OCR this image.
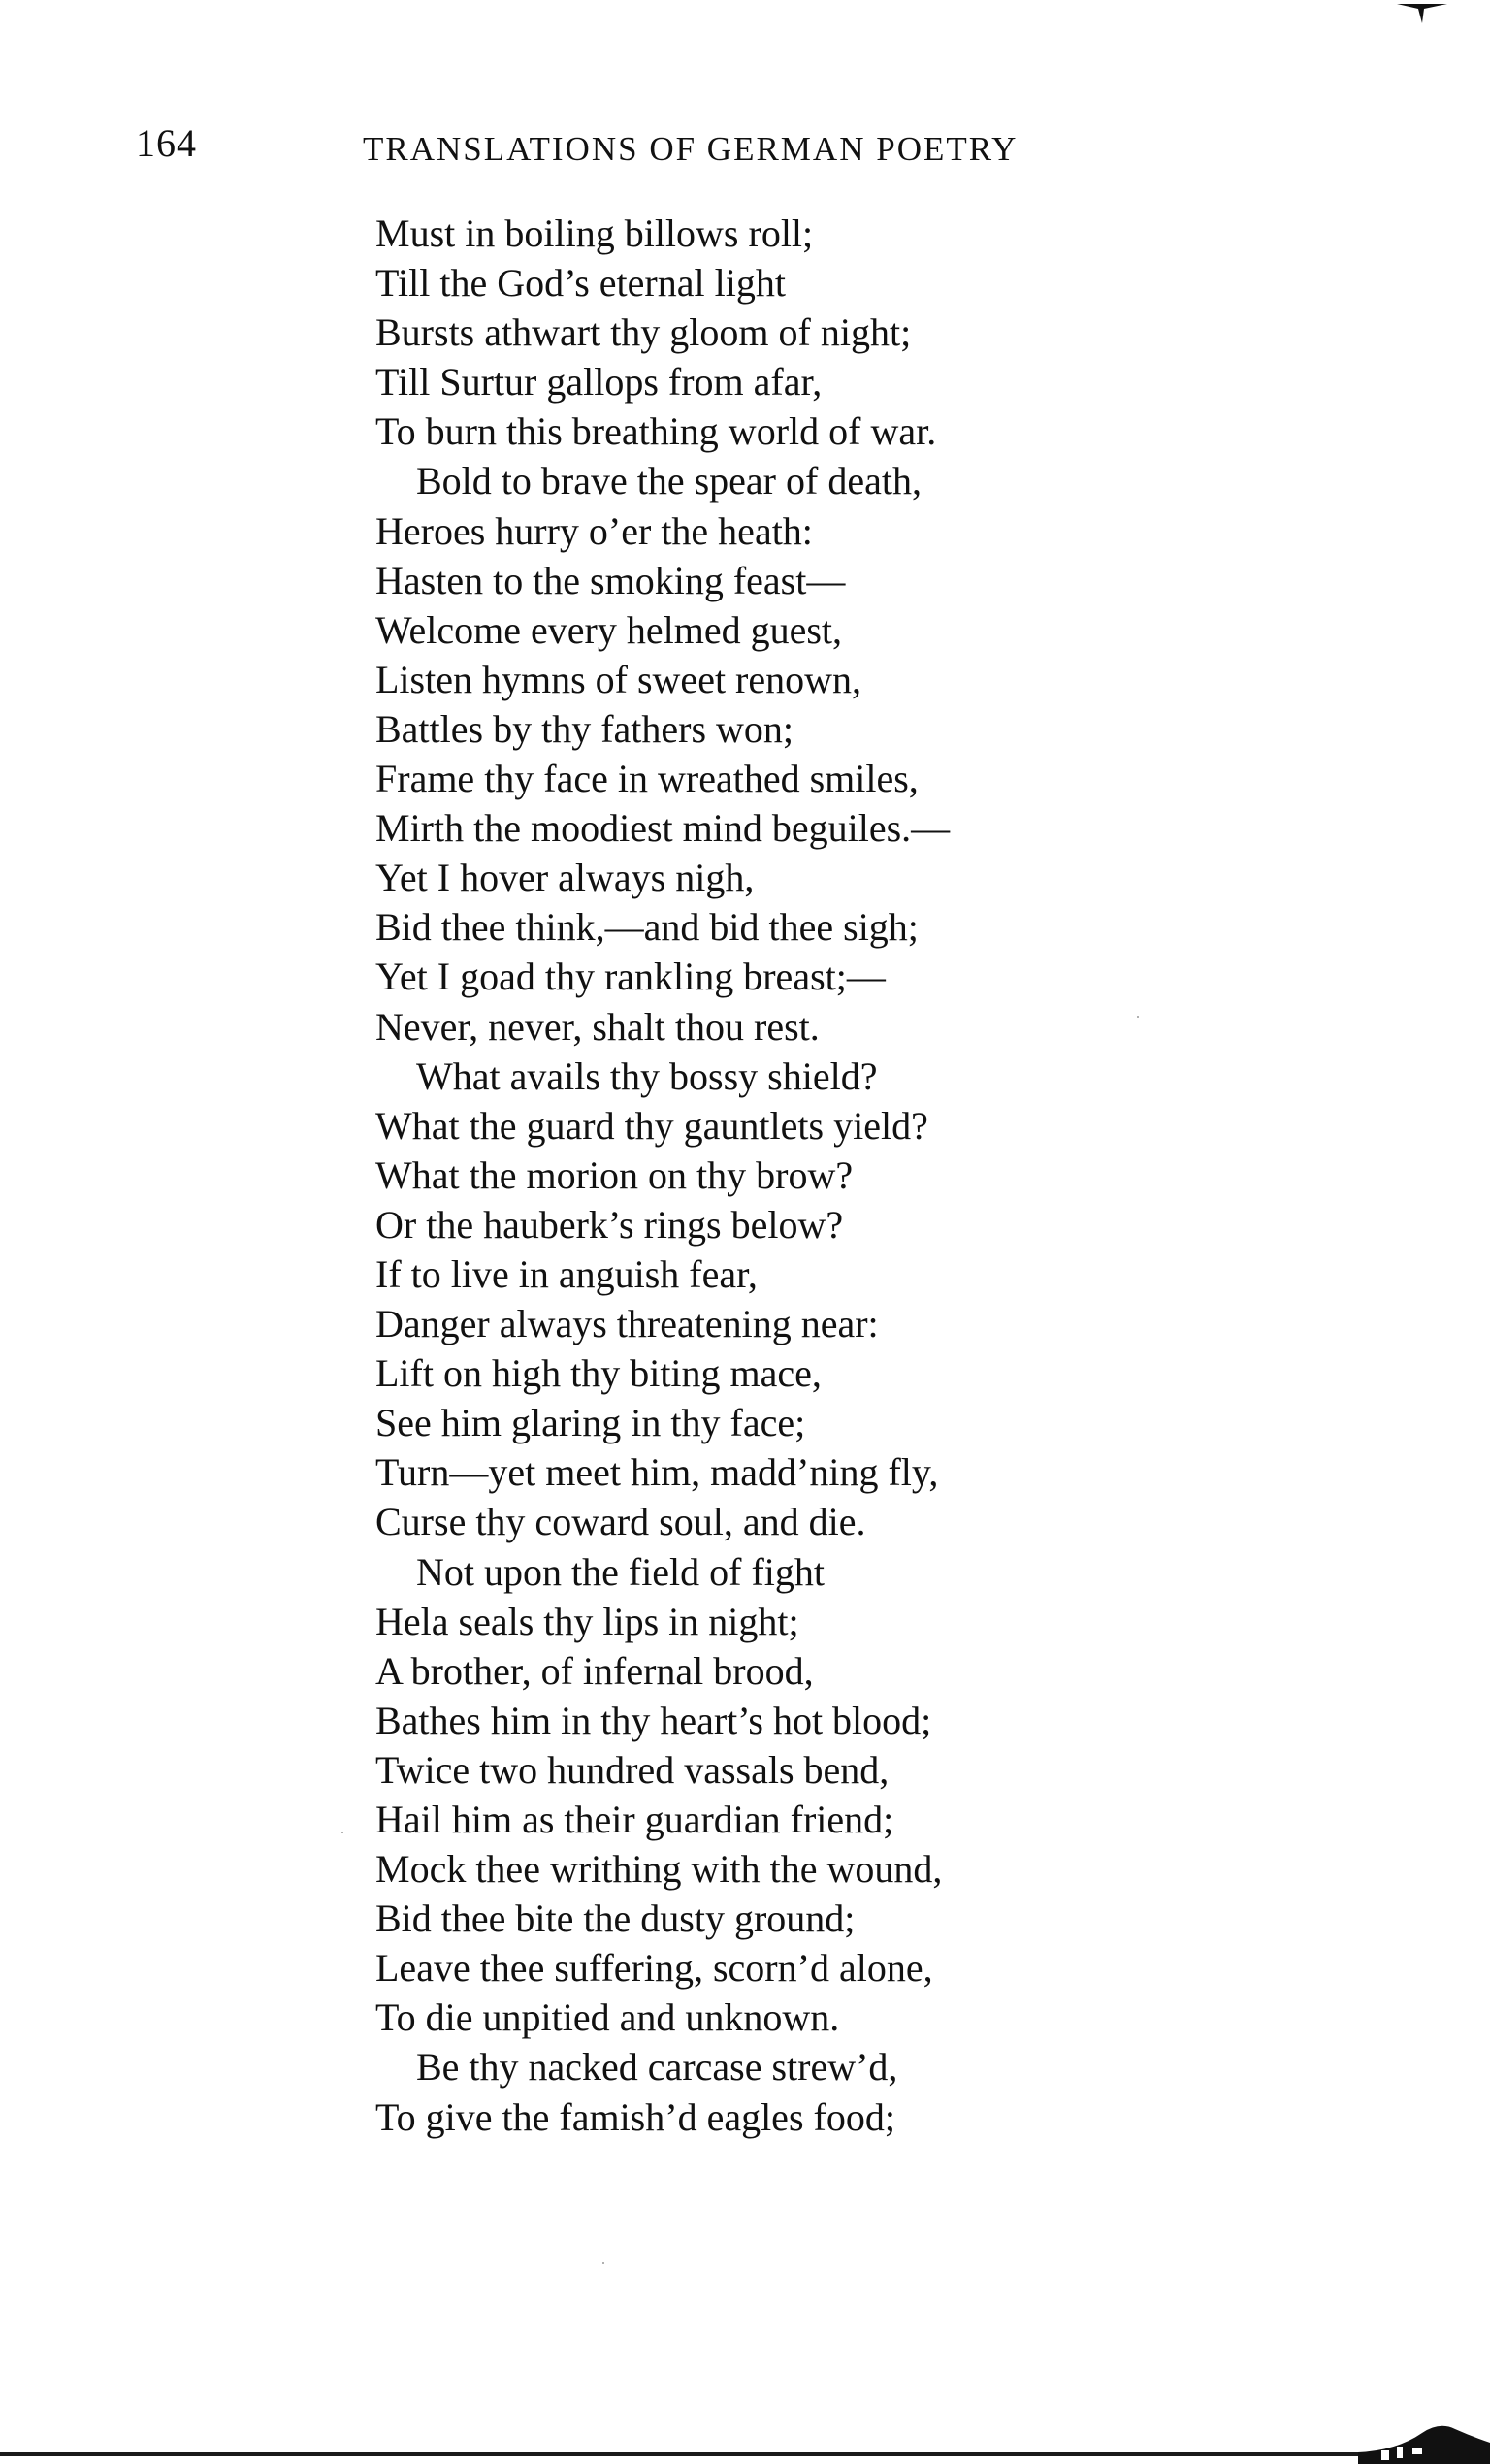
164	TRANSLATIONS OF GERMAN POETRY
Must in boiling billows roll;
Till the God’s eternal light
Bursts athwart thy gloom of night;
Till Surtur gallops from afar,
To burn this breathing world of war.
Bold to brave the spear of death,
Heroes hurry o’er the heath:
Hasten to the smoking feast—
Welcome every helmed guest,
Listen hymns of sweet renown,
Battles by thy fathers won;
Frame thy face in wreathed smiles,
Mirth the moodiest mind beguiles.—
Yet I hover always nigh,
Bid thee think,—and bid thee sigh;
Yet I goad thy rankling breast;—
Never, never, shalt thou rest.
What avails thy bossy shield?
What the guard thy gauntlets yield?
What the morion on thy brow?
Or the hauberk’s rings below?
If to live in anguish fear,
Danger always threatening near:
Lift on high thy biting mace,
See him glaring in thy face;
Turn—yet meet him, madd’ning fly,
Curse thy coward soul, and die.
Not upon the field of fight
Hela seals thy lips in night;
A brother, of infernal brood,
Bathes him in thy heart’s hot blood;
Twice two hundred vassals bend,
Hail him as their guardian friend;
Mock thee writhing with the wound,
Bid thee bite the dusty ground;
Leave thee suffering, scorn’d alone,
To die unpitied and unknown.
Be thy nacked carcase strew’d,
To give the famish’d eagles food;
